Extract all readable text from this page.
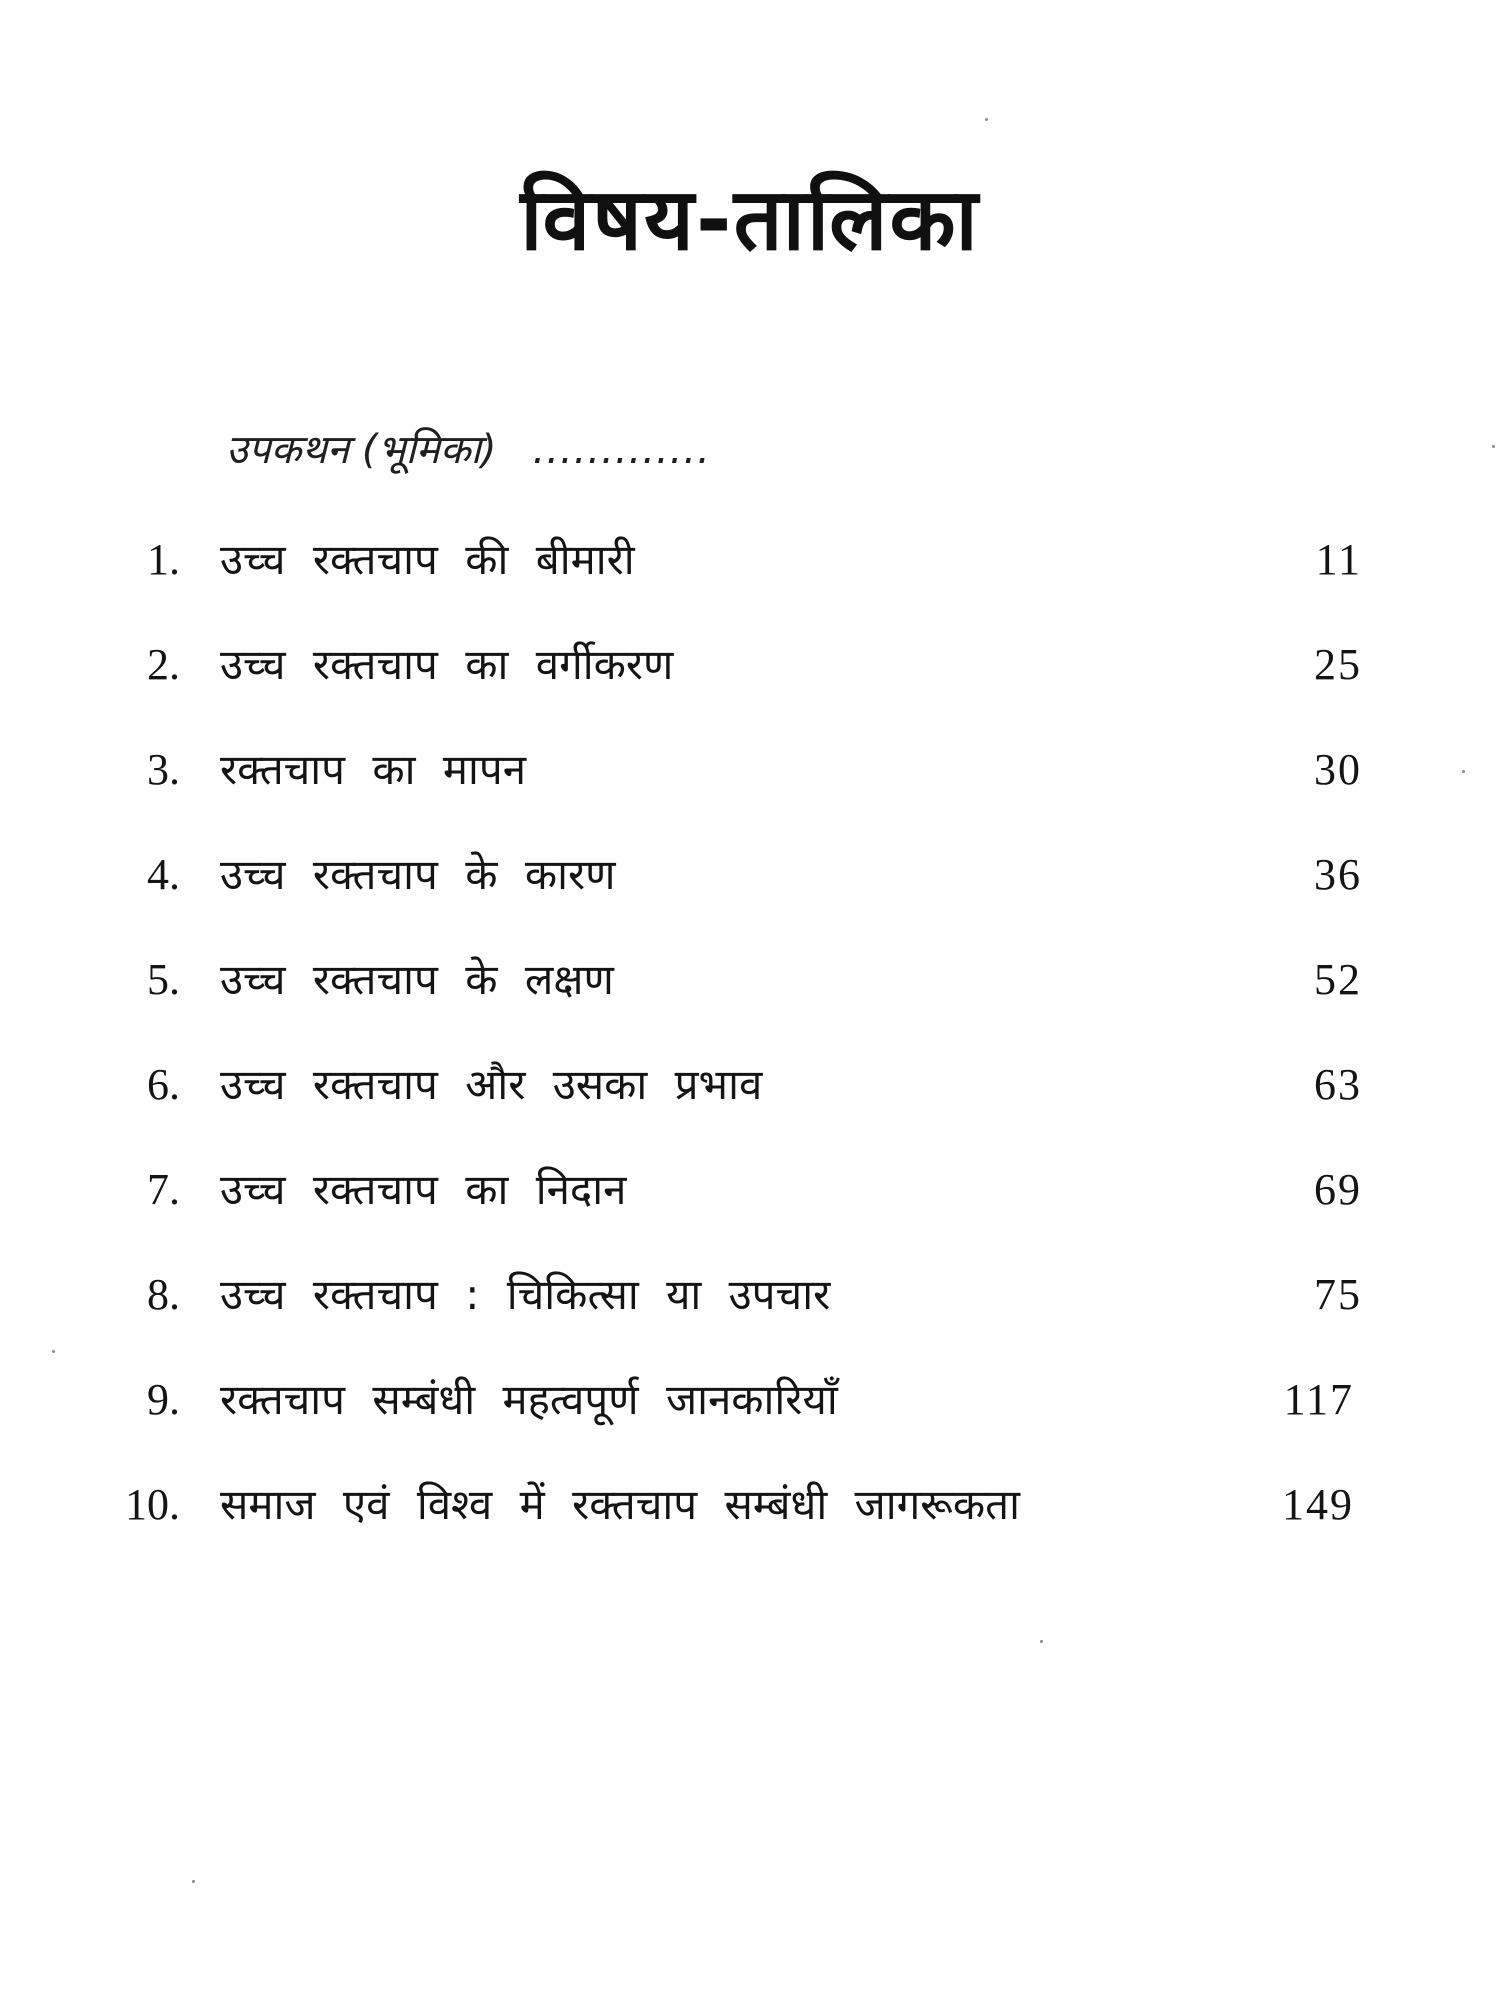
विषय-तालिका
उपकथन (भूमिका) .............
1. उच्च रक्तचाप की बीमारी	11
2. उच्च रक्तचाप का वर्गीकरण	25
3. रक्तचाप का मापन	30
4. उच्च रक्तचाप के कारण	36
5. उच्च रक्तचाप के लक्षण	52
6. उच्च रक्तचाप और उसका प्रभाव	63
7. उच्च रक्तचाप का निदान	69
8. उच्च रक्तचाप : चिकित्सा या उपचार	75
9. रक्तचाप सम्बंधी महत्वपूर्ण जानकारियाँ	117
10. समाज एवं विश्व में रक्तचाप सम्बंधी जागरूकता	149
